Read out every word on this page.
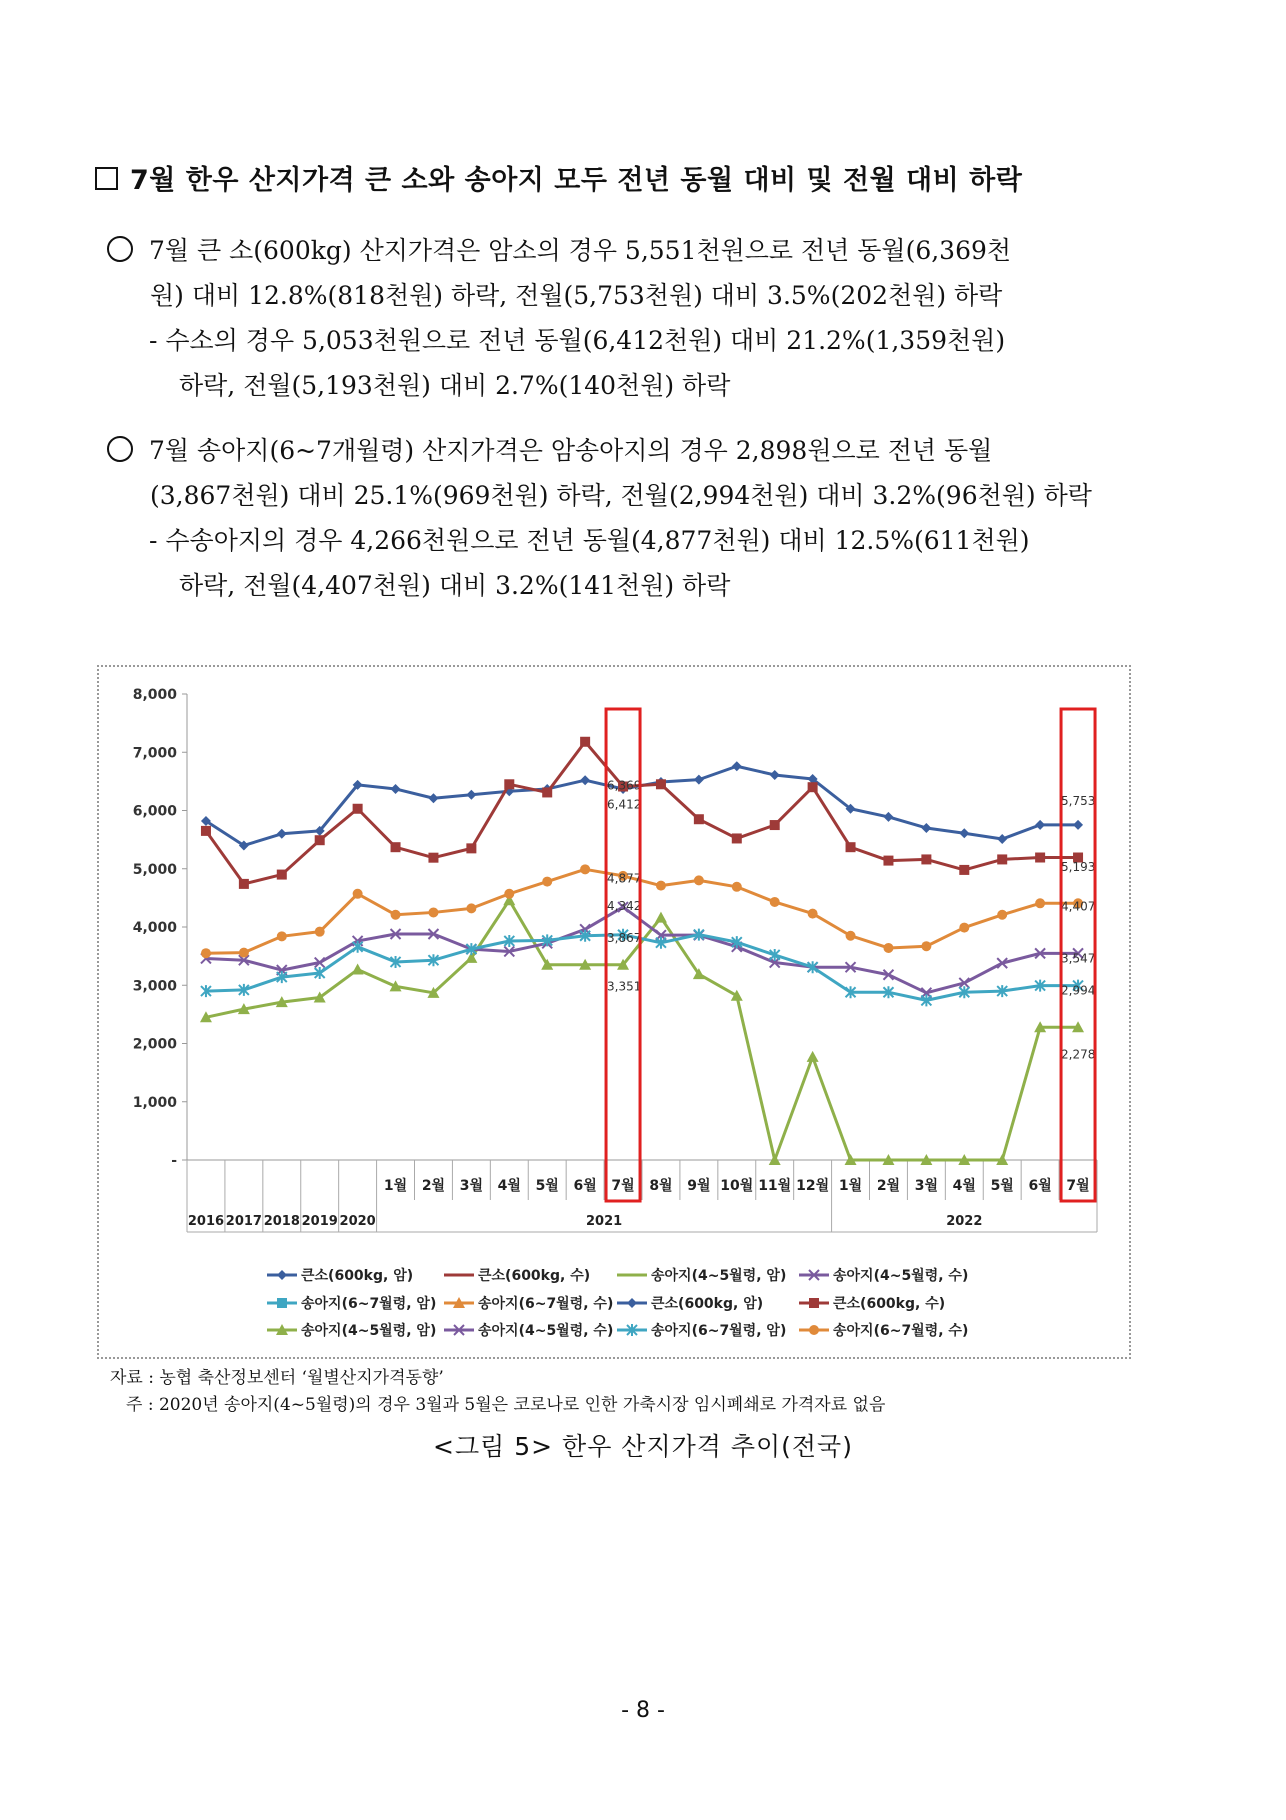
7월 한우 산지가격 큰 소와 송아지 모두 전년 동월 대비 및 전월 대비 하락
7월 큰 소(600kg) 산지가격은 암소의 경우 5,551천원으로 전년 동월(6,369천
원) 대비 12.8%(818천원) 하락, 전월(5,753천원) 대비 3.5%(202천원) 하락
- 수소의 경우 5,053천원으로 전년 동월(6,412천원) 대비 21.2%(1,359천원)
하락, 전월(5,193천원) 대비 2.7%(140천원) 하락
7월 송아지(6~7개월령) 산지가격은 암송아지의 경우 2,898원으로 전년 동월
(3,867천원) 대비 25.1%(969천원) 하락, 전월(2,994천원) 대비 3.2%(96천원) 하락
- 수송아지의 경우 4,266천원으로 전년 동월(4,877천원) 대비 12.5%(611천원)
하락, 전월(4,407천원) 대비 3.2%(141천원) 하락
8,000
7,000
6,000
5,000
4,000
3,000
2,000
1,000
-
2016 2017 2018 2019 2020
1월 2월 3월 4월 5월 6월 7월 8월 9월 10월 11월 12월 1월 2월 3월 4월 5월 6월 7월
2021	2022
6,369
6,412
4,877
4,342
3,867
3,351
5,753
5,193
4,407
3,547
2,994
2,278
큰소(600kg, 암)	큰소(600kg, 수)	송아지(4~5월령, 암)	송아지(4~5월령, 수)
송아지(6~7월령, 암)	송아지(6~7월령, 수)	큰소(600kg, 암)	큰소(600kg, 수)
송아지(4~5월령, 암)	송아지(4~5월령, 수)	송아지(6~7월령, 암)	송아지(6~7월령, 수)
자료 : 농협 축산정보센터 ‘월별산지가격동향’
주 : 2020년 송아지(4~5월령)의 경우 3월과 5월은 코로나로 인한 가축시장 임시폐쇄로 가격자료 없음
<그림 5> 한우 산지가격 추이(전국)
- 8 -
